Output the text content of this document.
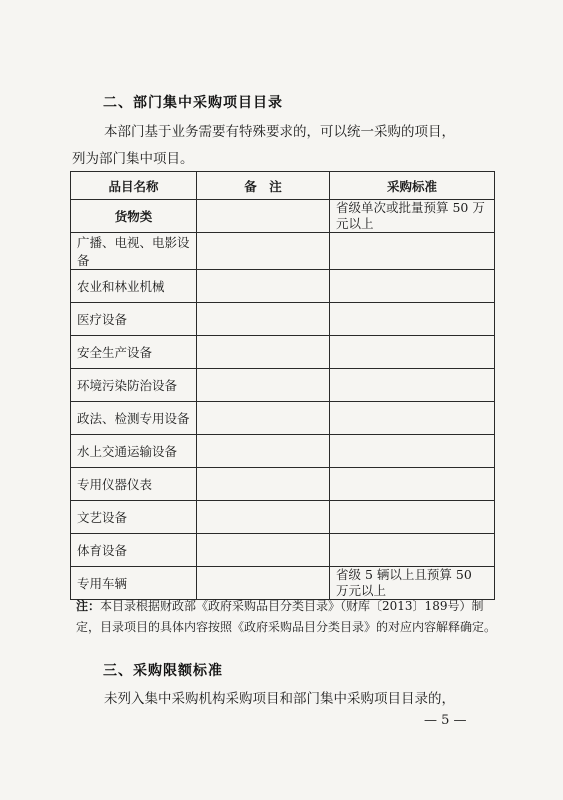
二、部门集中采购项目目录
本部门基于业务需要有特殊要求的，可以统一采购的项目，
列为部门集中项目。
品目名称	备　注	采购标准
货物类		省级单次或批量预算 50 万元以上
广播、电视、电影设备		
农业和林业机械		
医疗设备		
安全生产设备		
环境污染防治设备		
政法、检测专用设备		
水上交通运输设备		
专用仪器仪表		
文艺设备		
体育设备		
专用车辆		省级 5 辆以上且预算 50 万元以上
注：本目录根据财政部《政府采购品目分类目录》（财库〔2013〕189号）制定，目录项目的具体内容按照《政府采购品目分类目录》的对应内容解释确定。
三、采购限额标准
未列入集中采购机构采购项目和部门集中采购项目目录的，
— 5 —
